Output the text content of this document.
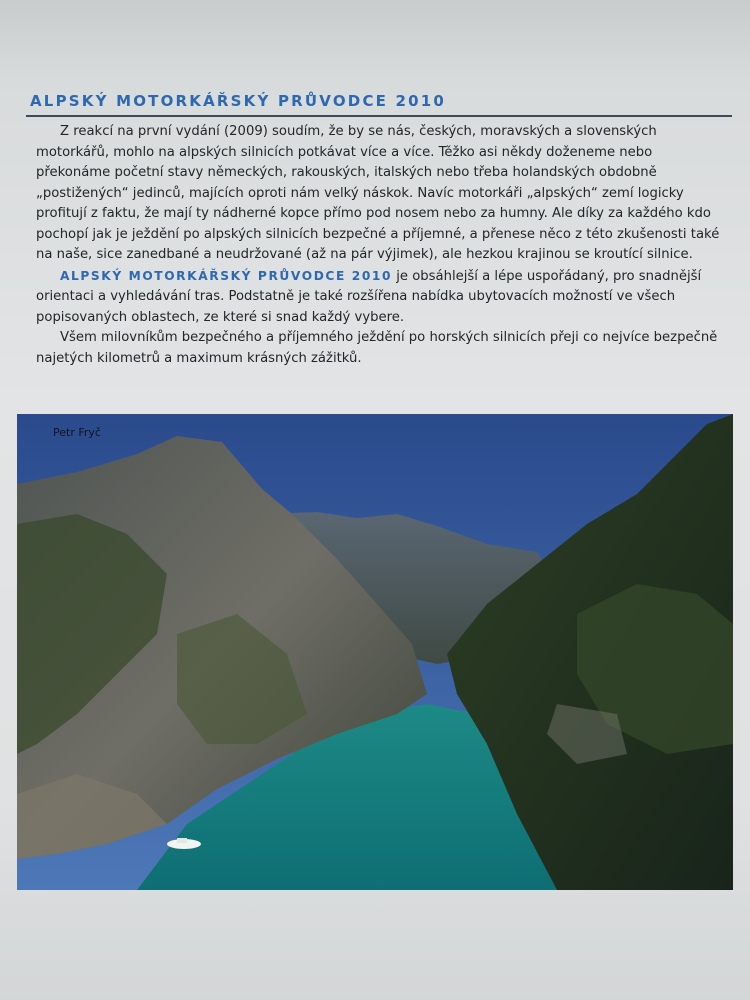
ALPSKÝ MOTORKÁŘSKÝ PRŮVODCE 2010

Z reakcí na první vydání (2009) soudím, že by se nás, českých, moravských a slovenských motorkářů, mohlo na alpských silnicích potkávat více a více. Těžko asi někdy doženeme nebo překonáme početní stavy německých, rakouských, italských nebo třeba holandských obdobně „postižených“ jedinců, majících oproti nám velký náskok. Navíc motorkáři „alpských“ zemí logicky profitují z faktu, že mají ty nádherné kopce přímo pod nosem nebo za humny. Ale díky za každého kdo pochopí jak je ježdění po alpských silnicích bezpečné a příjemné, a přenese něco z této zkušenosti také na naše, sice zanedbané a neudržované (až na pár výjimek), ale hezkou krajinou se kroutící silnice.

ALPSKÝ MOTORKÁŘSKÝ PRŮVODCE 2010 je obsáhlejší a lépe uspořádaný, pro snadnější orientaci a vyhledávání tras. Podstatně je také rozšířena nabídka ubytovacích možností ve všech popisovaných oblastech, ze které si snad každý vybere.

Všem milovníkům bezpečného a příjemného ježdění po horských silnicích přeji co nejvíce bezpečně najetých kilometrů a maximum krásných zážitků.

Petr Fryč
